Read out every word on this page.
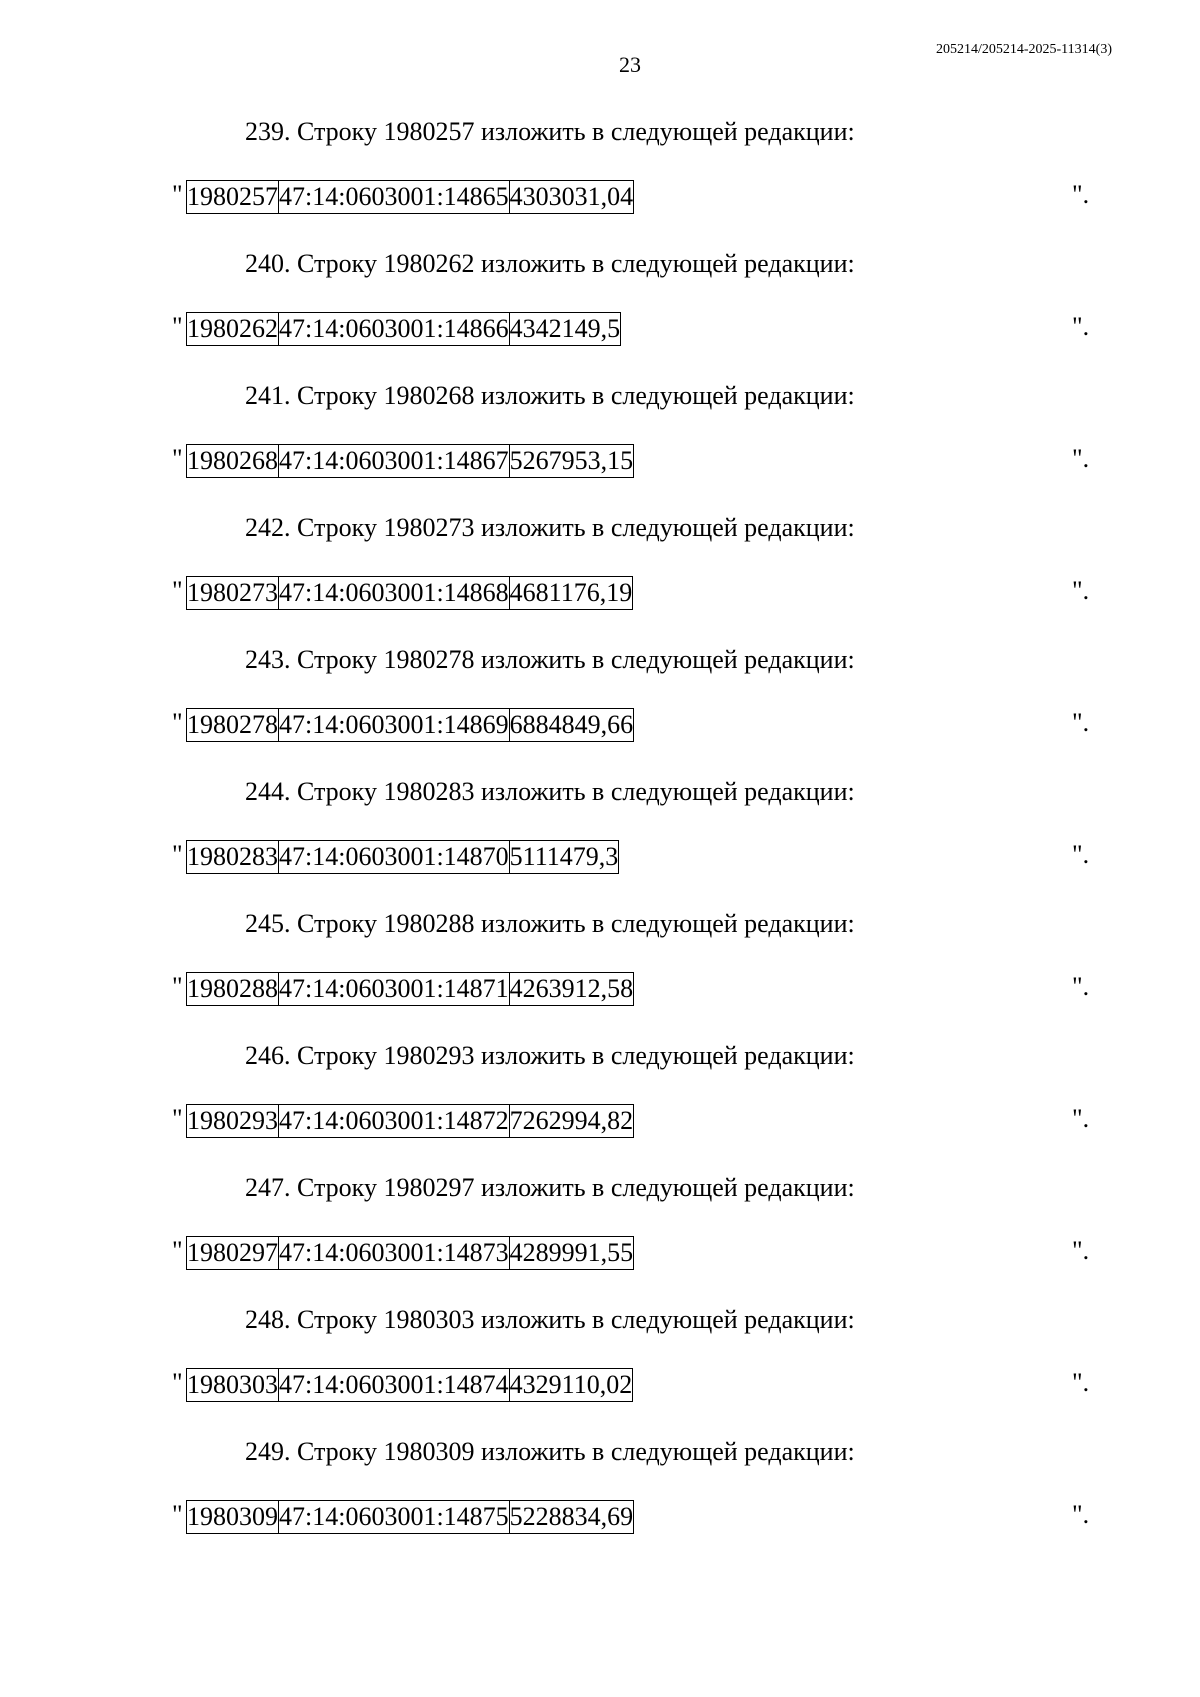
23
205214/205214-2025-11314(3)
239. Строку 1980257 изложить в следующей редакции:
" 1980257	47:14:0603001:14865	4303031,04	".
240. Строку 1980262 изложить в следующей редакции:
" 1980262	47:14:0603001:14866	4342149,5	".
241. Строку 1980268 изложить в следующей редакции:
" 1980268	47:14:0603001:14867	5267953,15	".
242. Строку 1980273 изложить в следующей редакции:
" 1980273	47:14:0603001:14868	4681176,19	".
243. Строку 1980278 изложить в следующей редакции:
" 1980278	47:14:0603001:14869	6884849,66	".
244. Строку 1980283 изложить в следующей редакции:
" 1980283	47:14:0603001:14870	5111479,3	".
245. Строку 1980288 изложить в следующей редакции:
" 1980288	47:14:0603001:14871	4263912,58	".
246. Строку 1980293 изложить в следующей редакции:
" 1980293	47:14:0603001:14872	7262994,82	".
247. Строку 1980297 изложить в следующей редакции:
" 1980297	47:14:0603001:14873	4289991,55	".
248. Строку 1980303 изложить в следующей редакции:
" 1980303	47:14:0603001:14874	4329110,02	".
249. Строку 1980309 изложить в следующей редакции:
" 1980309	47:14:0603001:14875	5228834,69	".
